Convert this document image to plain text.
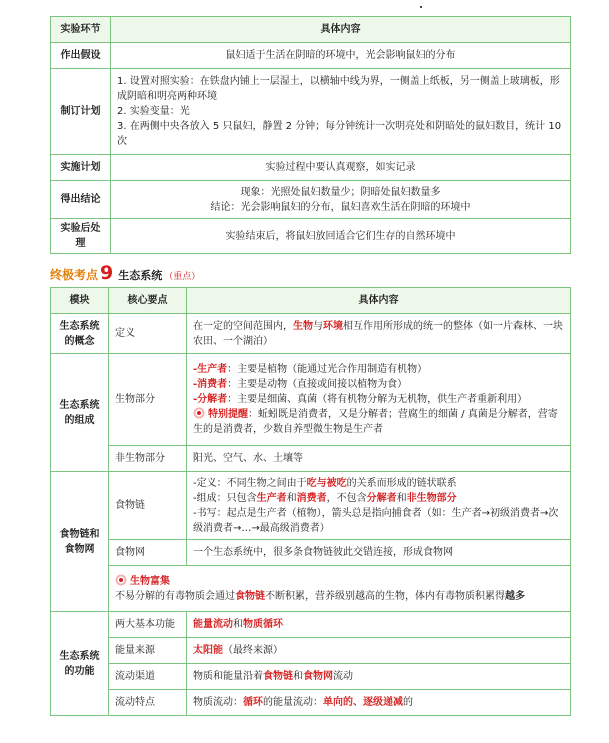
实验环节	具体内容
作出假设	鼠妇适于生活在阴暗的环境中，光会影响鼠妇的分布
制订计划	1. 设置对照实验：在铁盘内铺上一层湿土，以横轴中线为界，一侧盖上纸板，另一侧盖上玻璃板，形成阴暗和明亮两种环境
2. 实验变量：光
3. 在两侧中央各放入 5 只鼠妇，静置 2 分钟；每分钟统计一次明亮处和阴暗处的鼠妇数目，统计 10 次

实施计划	实验过程中要认真观察，如实记录
得出结论	现象：光照处鼠妇数量少；阴暗处鼠妇数量多
结论：光会影响鼠妇的分布，鼠妇喜欢生活在阴暗的环境中

实验后处理	实验结束后，将鼠妇放回适合它们生存的自然环境中
终极考点 9 生态系统 （重点）
模块	核心要点	具体内容
生态系统的概念	定义	在一定的空间范围内，生物与环境相互作用所形成的统一的整体（如一片森林、一块农田、一个湖泊）
生态系统的组成	生物部分	-生产者：主要是植物（能通过光合作用制造有机物）
-消费者：主要是动物（直接或间接以植物为食）
-分解者：主要是细菌、真菌（将有机物分解为无机物，供生产者重新利用）
特别提醒：蚯蚓既是消费者，又是分解者；营腐生的细菌 / 真菌是分解者，营寄生的是消费者，少数自养型微生物是生产者

	非生物部分	阳光、空气、水、土壤等
食物链和食物网	食物链	-定义：不同生物之间由于吃与被吃的关系而形成的链状联系
-组成：只包含生产者和消费者，不包含分解者和非生物部分
-书写：起点是生产者（植物），箭头总是指向捕食者（如：生产者→初级消费者→次级消费者→…→最高级消费者）

	食物网	一个生态系统中，很多条食物链彼此交错连接，形成食物网

	生物富集
不易分解的有毒物质会通过食物链不断积累，营养级别越高的生物，体内有毒物质积累得越多	

生态系统的功能	两大基本功能	能量流动和物质循环
	能量来源	太阳能（最终来源）
	流动渠道	物质和能量沿着食物链和食物网流动
	流动特点	物质流动：循环的能量流动：单向的、逐级递减的
